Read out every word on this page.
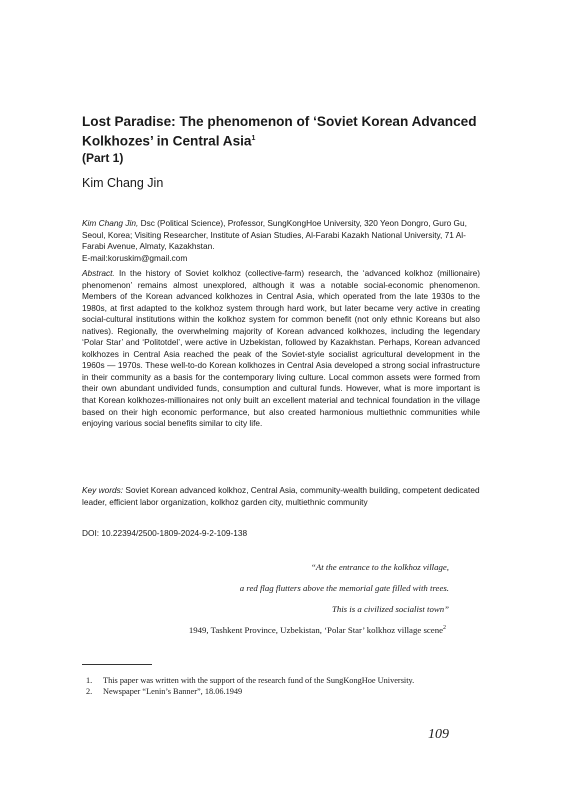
Lost Paradise: The phenomenon of ‘Soviet Korean Advanced Kolkhozes’ in Central Asia$^1$

(Part 1)

Kim Chang Jin

Kim Chang Jin, Dsc (Political Science), Professor, SungKongHoe University, 320 Yeon Dongro, Guro Gu, Seoul, Korea; Visiting Researcher, Institute of Asian Studies, Al-Farabi Kazakh National University, 71 Al-Farabi Avenue, Almaty, Kazakhstan.
E-mail:koruskim@gmail.com

Abstract. In the history of Soviet kolkhoz (collective-farm) research, the ‘advanced kolkhoz (millionaire) phenomenon’ remains almost unexplored, although it was a notable social-economic phenomenon. Members of the Korean advanced kolkhozes in Central Asia, which operated from the late 1930s to the 1980s, at first adapted to the kolkhoz system through hard work, but later became very active in creating social-cultural institutions within the kolkhoz system for common benefit (not only ethnic Koreans but also natives). Regionally, the overwhelming majority of Korean advanced kolkhozes, including the legendary ‘Polar Star’ and ‘Politotdel’, were active in Uzbekistan, followed by Kazakhstan. Perhaps, Korean advanced kolkhozes in Central Asia reached the peak of the Soviet-style socialist agricultural development in the 1960s — 1970s. These well-to-do Korean kolkhozes in Central Asia developed a strong social infrastructure in their community as a basis for the contemporary living culture. Local common assets were formed from their own abundant undivided funds, consumption and cultural funds. However, what is more important is that Korean kolkhozes-millionaires not only built an excellent material and technical foundation in the village based on their high economic performance, but also created harmonious multiethnic communities while enjoying various social benefits similar to city life.

Key words: Soviet Korean advanced kolkhoz, Central Asia, community-wealth building, competent dedicated leader, efficient labor organization, kolkhoz garden city, multiethnic community

DOI: 10.22394/2500-1809-2024-9-2-109-138

“At the entrance to the kolkhoz village,

a red flag flutters above the memorial gate filled with trees.

This is a civilized socialist town”

1949, Tashkent Province, Uzbekistan, ‘Polar Star’ kolkhoz village scene$^2$

1. This paper was written with the support of the research fund of the SungKongHoe University.
2. Newspaper “Lenin’s Banner”, 18.06.1949

109
